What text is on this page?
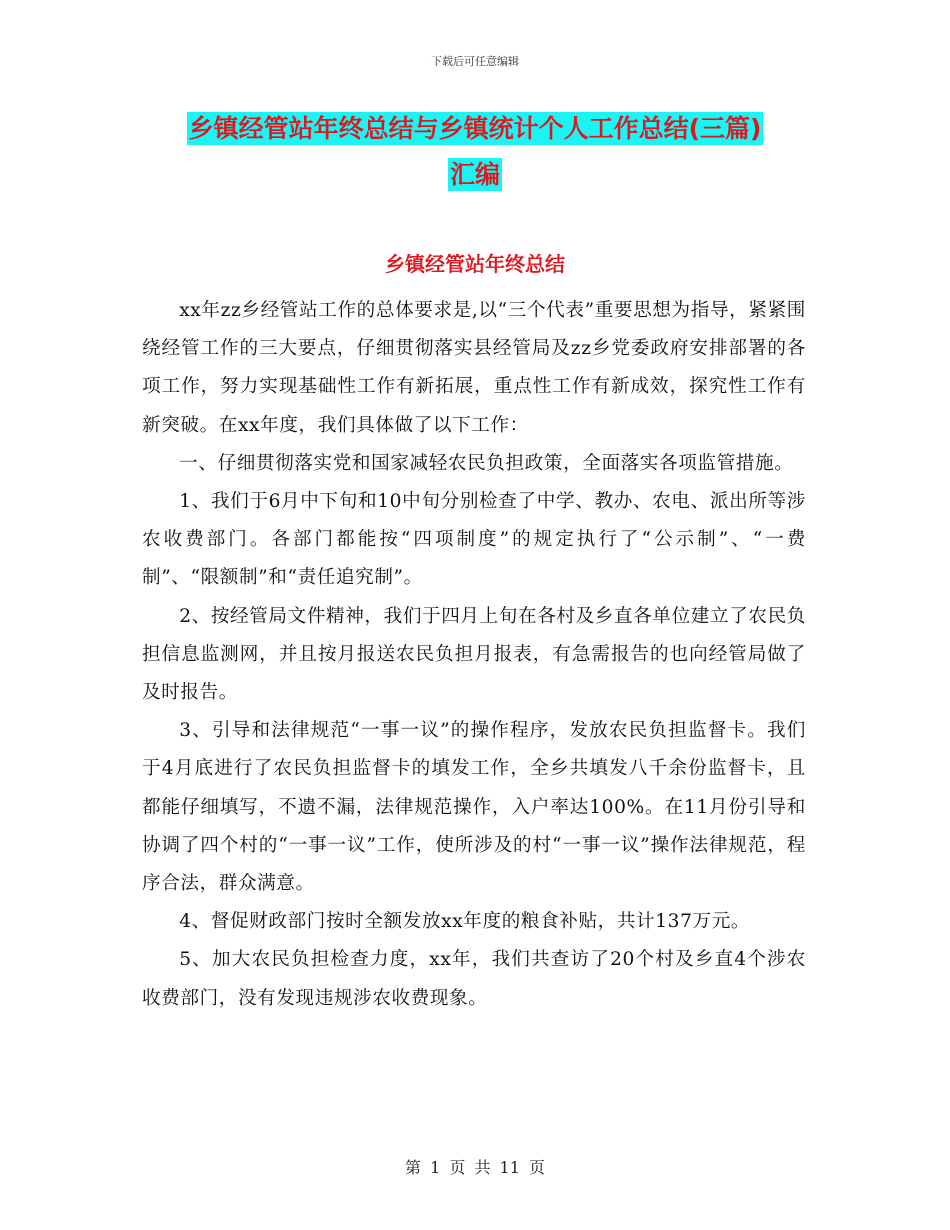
下载后可任意编辑
乡镇经管站年终总结与乡镇统计个人工作总结(三篇)
汇编
乡镇经管站年终总结

xx年zz乡经管站工作的总体要求是,以“三个代表”重要思想为指导，紧紧围绕经管工作的三大要点，仔细贯彻落实县经管局及zz乡党委政府安排部署的各项工作，努力实现基础性工作有新拓展，重点性工作有新成效，探究性工作有新突破。在xx年度，我们具体做了以下工作：

一、仔细贯彻落实党和国家减轻农民负担政策，全面落实各项监管措施。

1、我们于6月中下旬和10中旬分别检查了中学、教办、农电、派出所等涉农收费部门。各部门都能按“四项制度”的规定执行了“公示制”、“一费制”、“限额制”和“责任追究制”。

2、按经管局文件精神，我们于四月上旬在各村及乡直各单位建立了农民负担信息监测网，并且按月报送农民负担月报表，有急需报告的也向经管局做了及时报告。

3、引导和法律规范“一事一议”的操作程序，发放农民负担监督卡。我们于4月底进行了农民负担监督卡的填发工作，全乡共填发八千余份监督卡，且都能仔细填写，不遗不漏，法律规范操作，入户率达100%。在11月份引导和协调了四个村的“一事一议”工作，使所涉及的村“一事一议”操作法律规范，程序合法，群众满意。

4、督促财政部门按时全额发放xx年度的粮食补贴，共计137万元。

5、加大农民负担检查力度，xx年，我们共查访了20个村及乡直4个涉农收费部门，没有发现违规涉农收费现象。

第 1 页 共 11 页
